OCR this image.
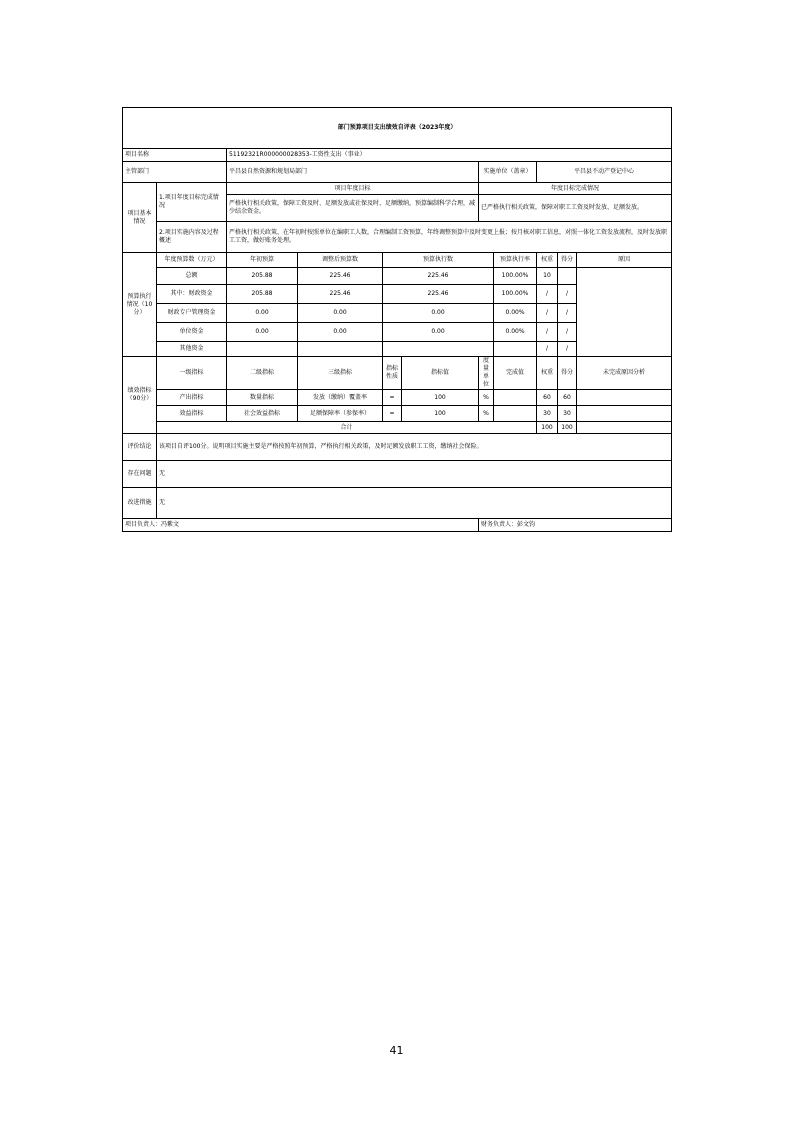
部门预算项目支出绩效自评表（2023年度）										
项目名称		51192321R000000028353-工资性支出（事业）								
主管部门		平昌县自然资源和规划局部门				实施单位（盖章）		平昌县不动产登记中心		
项目基本情况	1.项目年度目标完成情况	项目年度目标				年度目标完成情况				
		严格执行相关政策，保障工资及时、足额发放或社保及时、足额缴纳，预算编制科学合理，减少结余资金。				已严格执行相关政策，保障对职工工资及时发放、足额发放。				
	2.项目实施内容及过程概述	严格执行相关政策，在年初时按照单位在编职工人数，合理编制工资预算，年终调整预算中及时变更上报；按月核对职工信息，对照一体化工资发放流程，及时发放职工工资，做好账务处理。								
预算执行情况（10分）	年度预算数（万元）	年初预算	调整后预算数	预算执行数			预算执行率	权重	得分	原因
	总额	205.88	225.46	225.46			100.00%	10		
	其中：财政资金	205.88	225.46	225.46			100.00%	/	/	
	财政专户管理资金	0.00	0.00	0.00			0.00%	/	/	
	单位资金	0.00	0.00	0.00			0.00%	/	/	
	其他资金							/	/	
绩效指标（90分）	一级指标	二级指标	三级指标	指标性质	指标值	度量单位	完成值	权重	得分	未完成原因分析
	产出指标	数量指标	发放（缴纳）覆盖率	=	100	%		60	60	
	效益指标	社会效益指标	足额保障率（参保率）	=	100	%		30	30	
	合计							100	100	
评价结论	该项目自评100分。说明项目实施主要是严格按照年初预算，严格执行相关政策，及时足额发放职工工资，缴纳社会保险。									
存在问题	无									
改进措施	无									
项目负责人：冯紫文						财务负责人：彭文钧				
41
